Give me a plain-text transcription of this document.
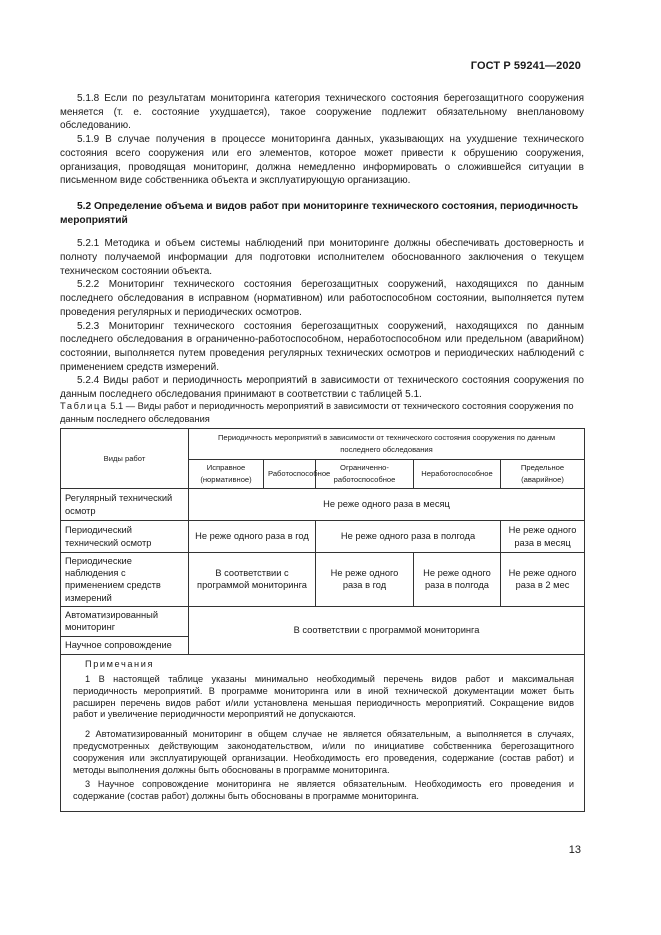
ГОСТ Р 59241—2020

5.1.8 Если по результатам мониторинга категория технического состояния берегозащитного сооружения меняется (т. е. состояние ухудшается), такое сооружение подлежит обязательному внеплановому обследованию.

5.1.9 В случае получения в процессе мониторинга данных, указывающих на ухудшение технического состояния всего сооружения или его элементов, которое может привести к обрушению сооружения, организация, проводящая мониторинг, должна немедленно информировать о сложившейся ситуации в письменном виде собственника объекта и эксплуатирующую организацию.

5.2 Определение объема и видов работ при мониторинге технического состояния, периодичность мероприятий

5.2.1 Методика и объем системы наблюдений при мониторинге должны обеспечивать достоверность и полноту получаемой информации для подготовки исполнителем обоснованного заключения о текущем техническом состоянии объекта.

5.2.2 Мониторинг технического состояния берегозащитных сооружений, находящихся по данным последнего обследования в исправном (нормативном) или работоспособном состоянии, выполняется путем проведения регулярных и периодических осмотров.

5.2.3 Мониторинг технического состояния берегозащитных сооружений, находящихся по данным последнего обследования в ограниченно-работоспособном, неработоспособном или предельном (аварийном) состоянии, выполняется путем проведения регулярных технических осмотров и периодических наблюдений с применением средств измерений.

5.2.4 Виды работ и периодичность мероприятий в зависимости от технического состояния сооружения по данным последнего обследования принимают в соответствии с таблицей 5.1.

Таблица 5.1 — Виды работ и периодичность мероприятий в зависимости от технического состояния сооружения по данным последнего обследования
Виды работ	Периодичность мероприятий в зависимости от технического состояния сооружения по данным последнего обследования				
	Исправное (нормативное)	Работоспособное	Ограниченно-работоспособное	Неработоспособное	Предельное (аварийное)
Регулярный технический осмотр	Не реже одного раза в месяц				
Периодический технический осмотр	Не реже одного раза в год		Не реже одного раза в полгода		Не реже одного раза в месяц
Периодические наблюдения с применением средств измерений	В соответствии с программой мониторинга		Не реже одного раза в год	Не реже одного раза в полгода	Не реже одного раза в 2 мес
Автоматизированный мониторинг	В соответствии с программой мониторинга				
Научное сопровождение					

Примечания

1 В настоящей таблице указаны минимально необходимый перечень видов работ и максимальная периодичность мероприятий. В программе мониторинга или в иной технической документации может быть расширен перечень видов работ и/или установлена меньшая периодичность мероприятий. Сокращение видов работ и увеличение периодичности мероприятий не допускаются.

2 Автоматизированный мониторинг в общем случае не является обязательным, а выполняется в случаях, предусмотренных действующим законодательством, и/или по инициативе собственника берегозащитного сооружения или эксплуатирующей организации. Необходимость его проведения, содержание (состав работ) и методы выполнения должны быть обоснованы в программе мониторинга.

3 Научное сопровождение мониторинга не является обязательным. Необходимость его проведения и содержание (состав работ) должны быть обоснованы в программе мониторинга.					

13
